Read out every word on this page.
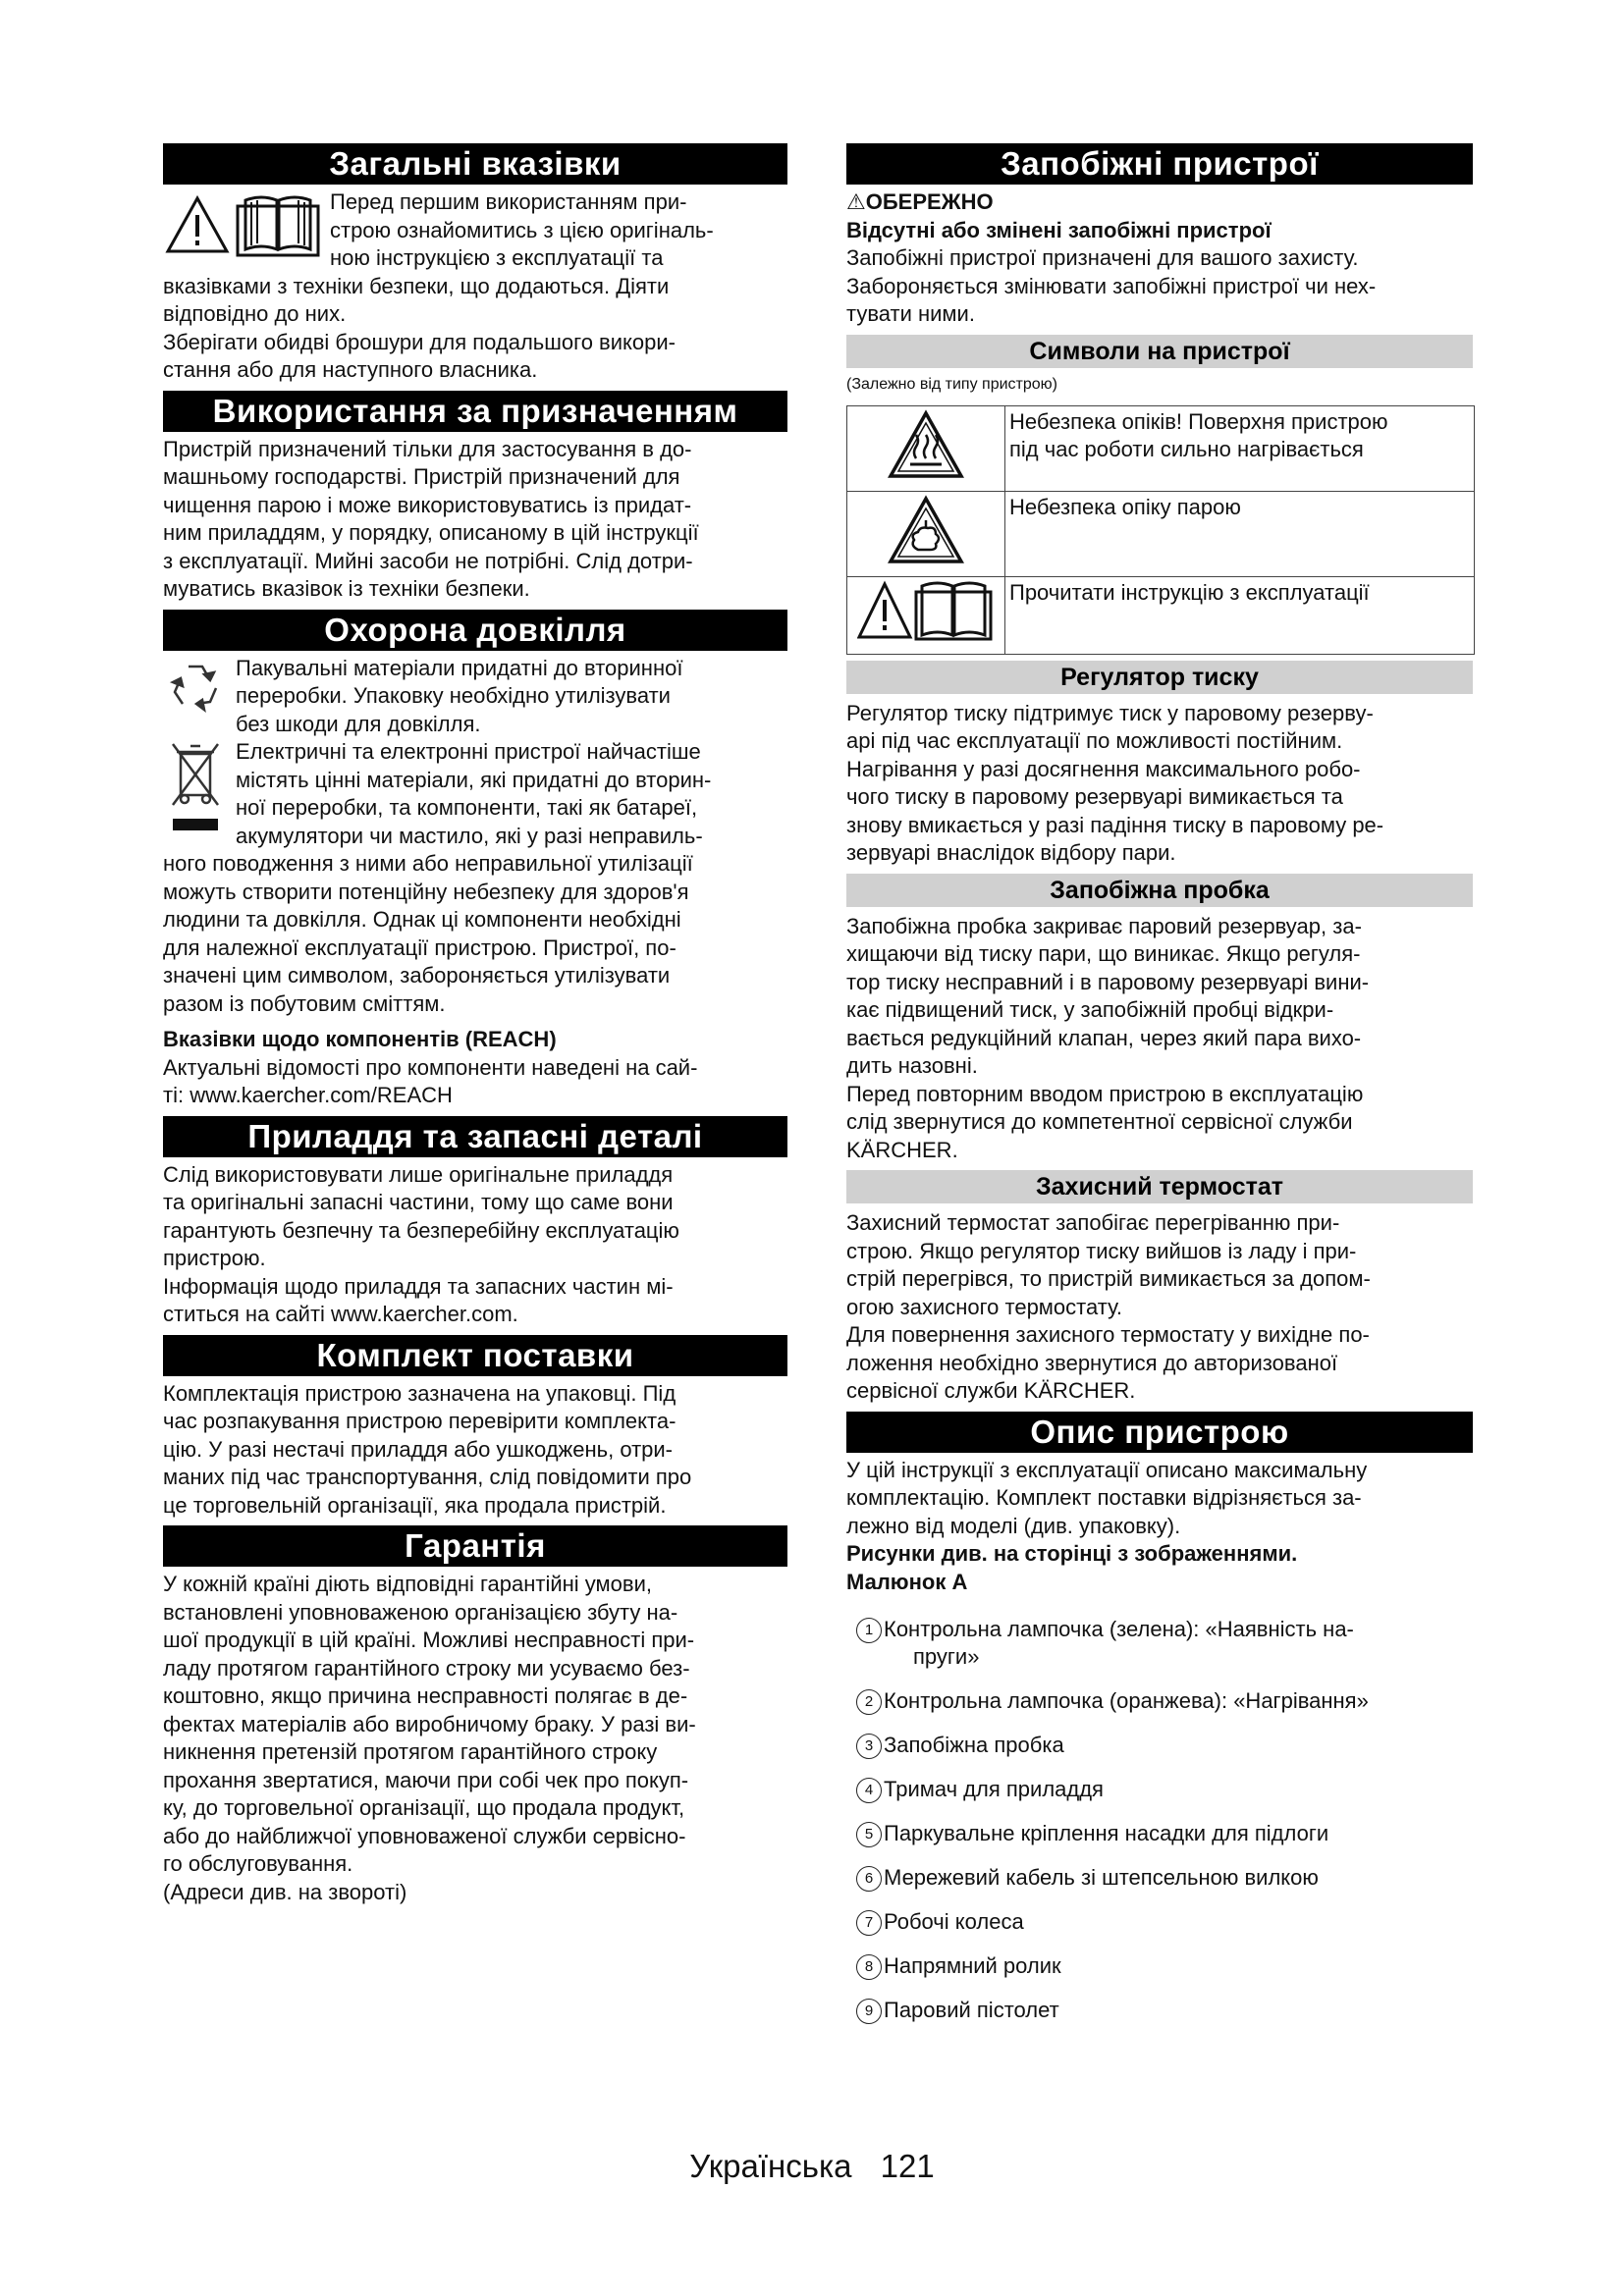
Загальні вказівки

Перед першим використанням при-

строю ознайомитись з цією оригіналь-

ною інструкцією з експлуатації та

вказівками з техніки безпеки, що додаються. Діяти

відповідно до них.

Зберігати обидві брошури для подальшого викори-

стання або для наступного власника.

Використання за призначенням

Пристрій призначений тільки для застосування в до-

машньому господарстві. Пристрій призначений для

чищення парою і може використовуватись із придат-

ним приладдям, у порядку, описаному в цій інструкції

з експлуатації. Мийні засоби не потрібні. Слід дотри-

муватись вказівок із техніки безпеки.

Охорона довкілля

Пакувальні матеріали придатні до вторинної

переробки. Упаковку необхідно утилізувати

без шкоди для довкілля.

Електричні та електронні пристрої найчастіше

містять цінні матеріали, які придатні до вторин-

ної переробки, та компоненти, такі як батареї,

акумулятори чи мастило, які у разі неправиль-

ного поводження з ними або неправильної утилізації

можуть створити потенційну небезпеку для здоров'я

людини та довкілля. Однак ці компоненти необхідні

для належної експлуатації пристрою. Пристрої, по-

значені цим символом, забороняється утилізувати

разом із побутовим сміттям.

Вказівки щодо компонентів (REACH)

Актуальні відомості про компоненти наведені на сай-

ті: www.kaercher.com/REACH

Приладдя та запасні деталі

Слід використовувати лише оригінальне приладдя

та оригінальні запасні частини, тому що саме вони

гарантують безпечну та безперебійну експлуатацію

пристрою.

Інформація щодо приладдя та запасних частин мі-

ститься на сайті www.kaercher.com.

Комплект поставки

Комплектація пристрою зазначена на упаковці. Під

час розпакування пристрою перевірити комплекта-

цію. У разі нестачі приладдя або ушкоджень, отри-

маних під час транспортування, слід повідомити про

це торговельній організації, яка продала пристрій.

Гарантія

У кожній країні діють відповідні гарантійні умови,

встановлені уповноваженою організацією збуту на-

шої продукції в цій країні. Можливі несправності при-

ладу протягом гарантійного строку ми усуваємо без-

коштовно, якщо причина несправності полягає в де-

фектах матеріалів або виробничому браку. У разі ви-

никнення претензій протягом гарантійного строку

прохання звертатися, маючи при собі чек про покуп-

ку, до торговельної організації, що продала продукт,

або до найближчої уповноваженої служби сервісно-

го обслуговування.

(Адреси див. на звороті)

Запобіжні пристрої

⚠ОБЕРЕЖНО

Відсутні або змінені запобіжні пристрої

Запобіжні пристрої призначені для вашого захисту.

Забороняється змінювати запобіжні пристрої чи нех-

тувати ними.

Символи на пристрої

(Залежно від типу пристрою)

	Небезпека опіків! Поверхня пристрою
під час роботи сильно нагрівається
	Небезпека опіку парою
	Прочитати інструкцію з експлуатації
Регулятор тиску

Регулятор тиску підтримує тиск у паровому резерву-

арі під час експлуатації по можливості постійним.

Нагрівання у разі досягнення максимального робо-

чого тиску в паровому резервуарі вимикається та

знову вмикається у разі падіння тиску в паровому ре-

зервуарі внаслідок відбору пари.

Запобіжна пробка

Запобіжна пробка закриває паровий резервуар, за-

хищаючи від тиску пари, що виникає. Якщо регуля-

тор тиску несправний і в паровому резервуарі вини-

кає підвищений тиск, у запобіжній пробці відкри-

вається редукційний клапан, через який пара вихо-

дить назовні.

Перед повторним вводом пристрою в експлуатацію

слід звернутися до компетентної сервісної служби

KÄRCHER.

Захисний термостат

Захисний термостат запобігає перегріванню при-

строю. Якщо регулятор тиску вийшов із ладу і при-

стрій перегрівся, то пристрій вимикається за допом-

огою захисного термостату.

Для повернення захисного термостату у вихідне по-

ложення необхідно звернутися до авторизованої

сервісної служби KÄRCHER.

Опис пристрою

У цій інструкції з експлуатації описано максимальну

комплектацію. Комплект поставки відрізняється за-

лежно від моделі (див. упаковку).

Рисунки див. на сторінці з зображеннями.

Малюнок А

1 Контрольна лампочка (зелена): «Наявність на-
пруги»
2 Контрольна лампочка (оранжева): «Нагрівання»
3 Запобіжна пробка
4 Тримач для приладдя
5 Паркувальне кріплення насадки для підлоги
6 Мережевий кабель зі штепсельною вилкою
7 Робочі колеса
8 Напрямний ролик
9 Паровий пістолет
Українська 121
